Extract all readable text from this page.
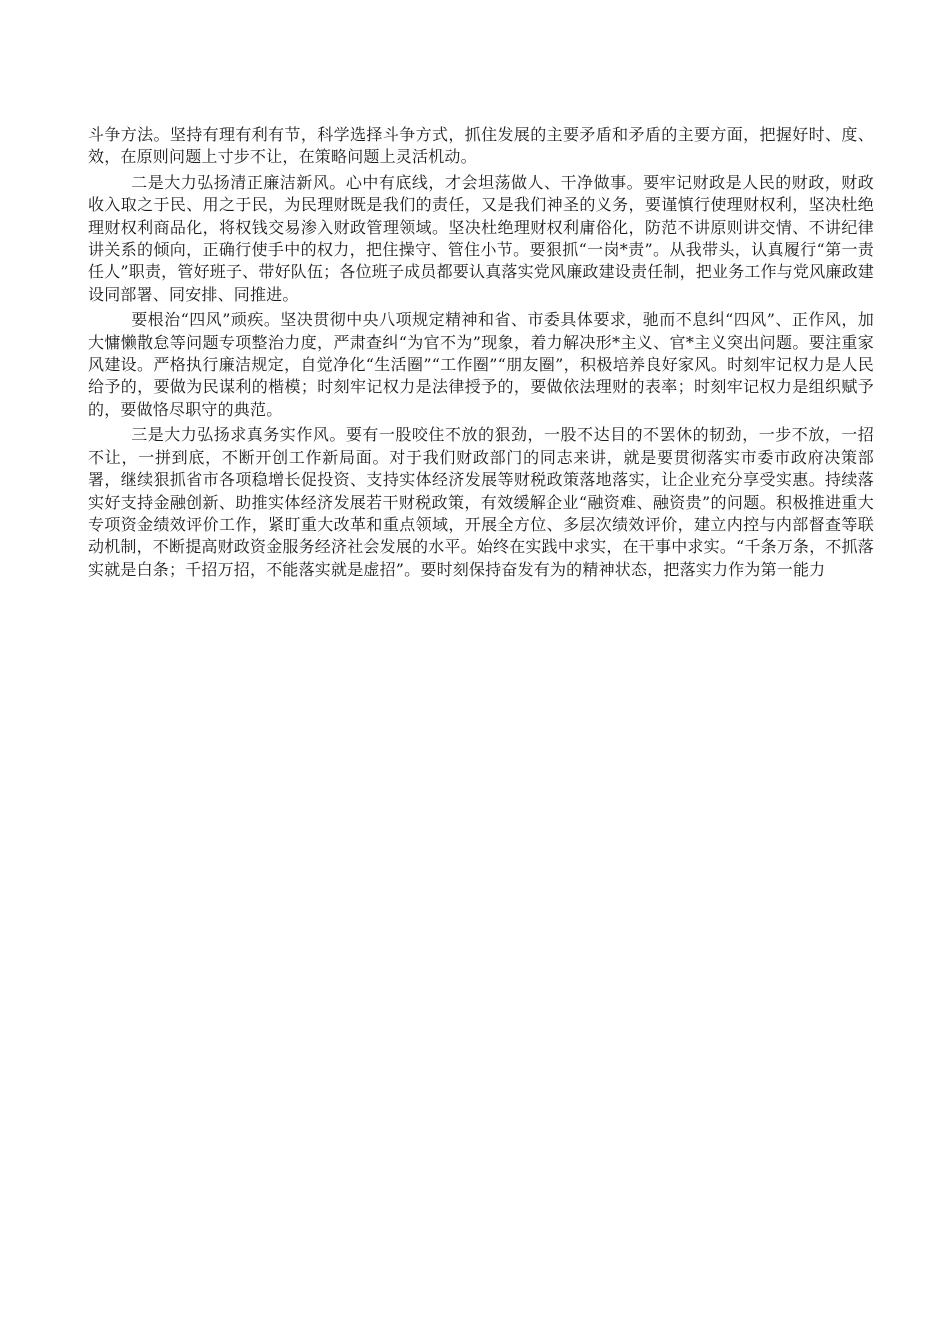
斗争方法。坚持有理有利有节，科学选择斗争方式，抓住发展的主要矛盾和矛盾的主要方面，把握好时、度、效，在原则问题上寸步不让，在策略问题上灵活机动。

二是大力弘扬清正廉洁新风。心中有底线，才会坦荡做人、干净做事。要牢记财政是人民的财政，财政收入取之于民、用之于民，为民理财既是我们的责任，又是我们神圣的义务，要谨慎行使理财权利，坚决杜绝理财权利商品化，将权钱交易渗入财政管理领域。坚决杜绝理财权利庸俗化，防范不讲原则讲交情、不讲纪律讲关系的倾向，正确行使手中的权力，把住操守、管住小节。要狠抓“一岗*责”。从我带头，认真履行“第一责任人”职责，管好班子、带好队伍；各位班子成员都要认真落实党风廉政建设责任制，把业务工作与党风廉政建设同部署、同安排、同推进。

要根治“四风”顽疾。坚决贯彻中央八项规定精神和省、市委具体要求，驰而不息纠“四风”、正作风，加大慵懒散怠等问题专项整治力度，严肃查纠“为官不为”现象，着力解决形*主义、官*主义突出问题。要注重家风建设。严格执行廉洁规定，自觉净化“生活圈”“工作圈”“朋友圈”，积极培养良好家风。时刻牢记权力是人民给予的，要做为民谋利的楷模；时刻牢记权力是法律授予的，要做依法理财的表率；时刻牢记权力是组织赋予的，要做恪尽职守的典范。

三是大力弘扬求真务实作风。要有一股咬住不放的狠劲，一股不达目的不罢休的韧劲，一步不放，一招不让，一拼到底，不断开创工作新局面。对于我们财政部门的同志来讲，就是要贯彻落实市委市政府决策部署，继续狠抓省市各项稳增长促投资、支持实体经济发展等财税政策落地落实，让企业充分享受实惠。持续落实好支持金融创新、助推实体经济发展若干财税政策，有效缓解企业“融资难、融资贵”的问题。积极推进重大专项资金绩效评价工作，紧盯重大改革和重点领域，开展全方位、多层次绩效评价，建立内控与内部督查等联动机制，不断提高财政资金服务经济社会发展的水平。始终在实践中求实，在干事中求实。“千条万条，不抓落实就是白条；千招万招，不能落实就是虚招”。要时刻保持奋发有为的精神状态，把落实力作为第一能力
